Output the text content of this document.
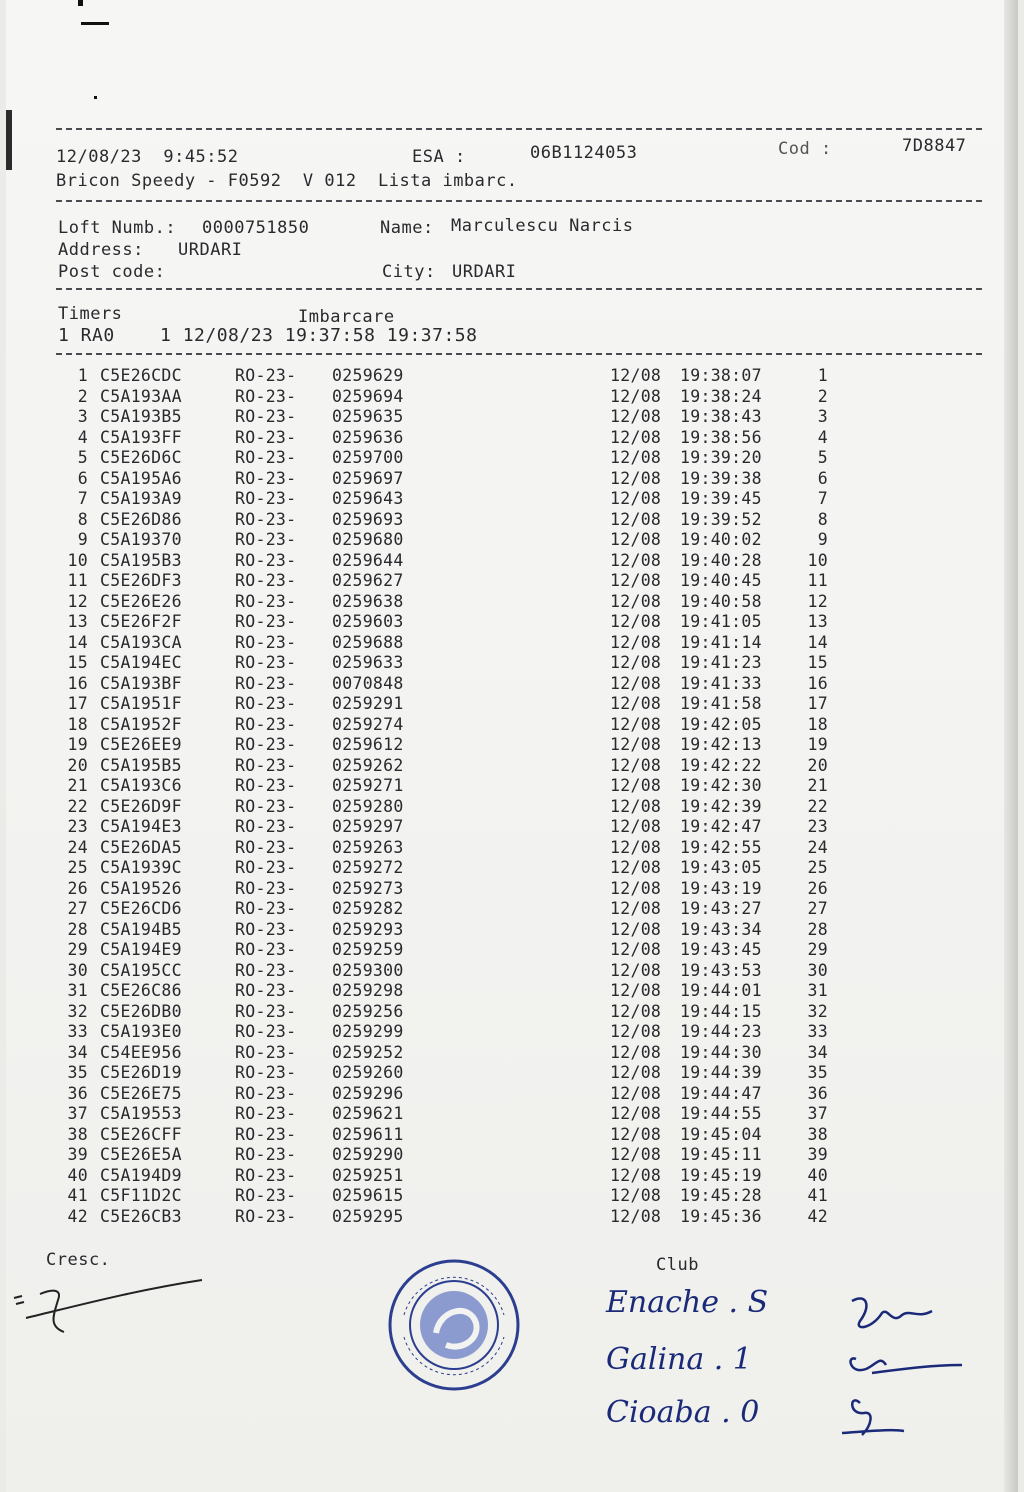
12/08/23  9:45:52	ESA :	06B1124053	Cod :	7D8847
Bricon Speedy - F0592  V 012  Lista imbarc.
Loft Numb.: 0000751850	Name: Marculescu Narcis
Address: URDARI
Post code:	City: URDARI
Timers	Imbarcare
1 RA0    1 12/08/23 19:37:58 19:37:58
1 C5E26CDC	RO-23- 0259629	12/08 19:38:07	1
2 C5A193AA	RO-23- 0259694	12/08 19:38:24	2
3 C5A193B5	RO-23- 0259635	12/08 19:38:43	3
4 C5A193FF	RO-23- 0259636	12/08 19:38:56	4
5 C5E26D6C	RO-23- 0259700	12/08 19:39:20	5
6 C5A195A6	RO-23- 0259697	12/08 19:39:38	6
7 C5A193A9	RO-23- 0259643	12/08 19:39:45	7
8 C5E26D86	RO-23- 0259693	12/08 19:39:52	8
9 C5A19370	RO-23- 0259680	12/08 19:40:02	9
10 C5A195B3	RO-23- 0259644	12/08 19:40:28	10
11 C5E26DF3	RO-23- 0259627	12/08 19:40:45	11
12 C5E26E26	RO-23- 0259638	12/08 19:40:58	12
13 C5E26F2F	RO-23- 0259603	12/08 19:41:05	13
14 C5A193CA	RO-23- 0259688	12/08 19:41:14	14
15 C5A194EC	RO-23- 0259633	12/08 19:41:23	15
16 C5A193BF	RO-23- 0070848	12/08 19:41:33	16
17 C5A1951F	RO-23- 0259291	12/08 19:41:58	17
18 C5A1952F	RO-23- 0259274	12/08 19:42:05	18
19 C5E26EE9	RO-23- 0259612	12/08 19:42:13	19
20 C5A195B5	RO-23- 0259262	12/08 19:42:22	20
21 C5A193C6	RO-23- 0259271	12/08 19:42:30	21
22 C5E26D9F	RO-23- 0259280	12/08 19:42:39	22
23 C5A194E3	RO-23- 0259297	12/08 19:42:47	23
24 C5E26DA5	RO-23- 0259263	12/08 19:42:55	24
25 C5A1939C	RO-23- 0259272	12/08 19:43:05	25
26 C5A19526	RO-23- 0259273	12/08 19:43:19	26
27 C5E26CD6	RO-23- 0259282	12/08 19:43:27	27
28 C5A194B5	RO-23- 0259293	12/08 19:43:34	28
29 C5A194E9	RO-23- 0259259	12/08 19:43:45	29
30 C5A195CC	RO-23- 0259300	12/08 19:43:53	30
31 C5E26C86	RO-23- 0259298	12/08 19:44:01	31
32 C5E26DB0	RO-23- 0259256	12/08 19:44:15	32
33 C5A193E0	RO-23- 0259299	12/08 19:44:23	33
34 C54EE956	RO-23- 0259252	12/08 19:44:30	34
35 C5E26D19	RO-23- 0259260	12/08 19:44:39	35
36 C5E26E75	RO-23- 0259296	12/08 19:44:47	36
37 C5A19553	RO-23- 0259621	12/08 19:44:55	37
38 C5E26CFF	RO-23- 0259611	12/08 19:45:04	38
39 C5E26E5A	RO-23- 0259290	12/08 19:45:11	39
40 C5A194D9	RO-23- 0259251	12/08 19:45:19	40
41 C5F11D2C	RO-23- 0259615	12/08 19:45:28	41
42 C5E26CB3	RO-23- 0259295	12/08 19:45:36	42
Cresc.	Club
Enache . S
Galina . 1
Cioaba . 0
